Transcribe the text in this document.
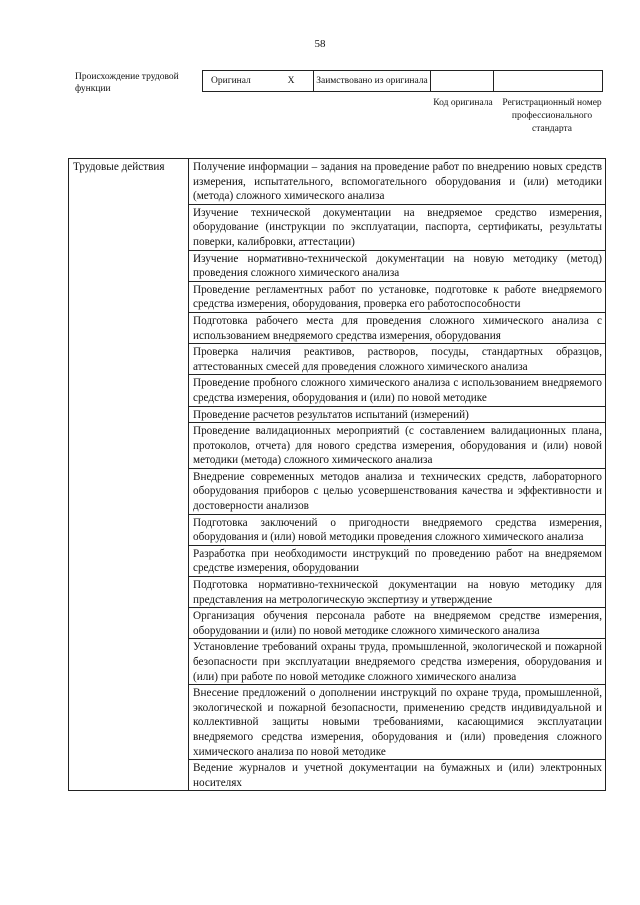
58
Происхождение трудовой функции
Оригинал	X	Заимствовано из оригинала		
Код оригинала	Регистрационный номер профессионального стандарта
Трудовые действия	Получение информации – задания на проведение работ по внедрению новых средств измерения, испытательного, вспомогательного оборудования и (или) методики (метода) сложного химического анализа
Изучение технической документации на внедряемое средство измерения, оборудование (инструкции по эксплуатации, паспорта, сертификаты, результаты поверки, калибровки, аттестации)
Изучение нормативно-технической документации на новую методику (метод) проведения сложного химического анализа
Проведение регламентных работ по установке, подготовке к работе внедряемого средства измерения, оборудования, проверка его работоспособности
Подготовка рабочего места для проведения сложного химического анализа с использованием внедряемого средства измерения, оборудования
Проверка наличия реактивов, растворов, посуды, стандартных образцов, аттестованных смесей для проведения сложного химического анализа
Проведение пробного сложного химического анализа с использованием внедряемого средства измерения, оборудования и (или) по новой методике
Проведение расчетов результатов испытаний (измерений)
Проведение валидационных мероприятий (с составлением валидационных плана, протоколов, отчета) для нового средства измерения, оборудования и (или) новой методики (метода) сложного химического анализа
Внедрение современных методов анализа и технических средств, лабораторного оборудования приборов с целью усовершенствования качества и эффективности и достоверности анализов
Подготовка заключений о пригодности внедряемого средства измерения, оборудования и (или) новой методики проведения сложного химического анализа
Разработка при необходимости инструкций по проведению работ на внедряемом средстве измерения, оборудовании
Подготовка нормативно-технической документации на новую методику для представления на метрологическую экспертизу и утверждение
Организация обучения персонала работе на внедряемом средстве измерения, оборудовании и (или) по новой методике сложного химического анализа
Установление требований охраны труда, промышленной, экологической и пожарной безопасности при эксплуатации внедряемого средства измерения, оборудования и (или) при работе по новой методике сложного химического анализа
Внесение предложений о дополнении инструкций по охране труда, промышленной, экологической и пожарной безопасности, применению средств индивидуальной и коллективной защиты новыми требованиями, касающимися эксплуатации внедряемого средства измерения, оборудования и (или) проведения сложного химического анализа по новой методике
Ведение журналов и учетной документации на бумажных и (или) электронных носителях
